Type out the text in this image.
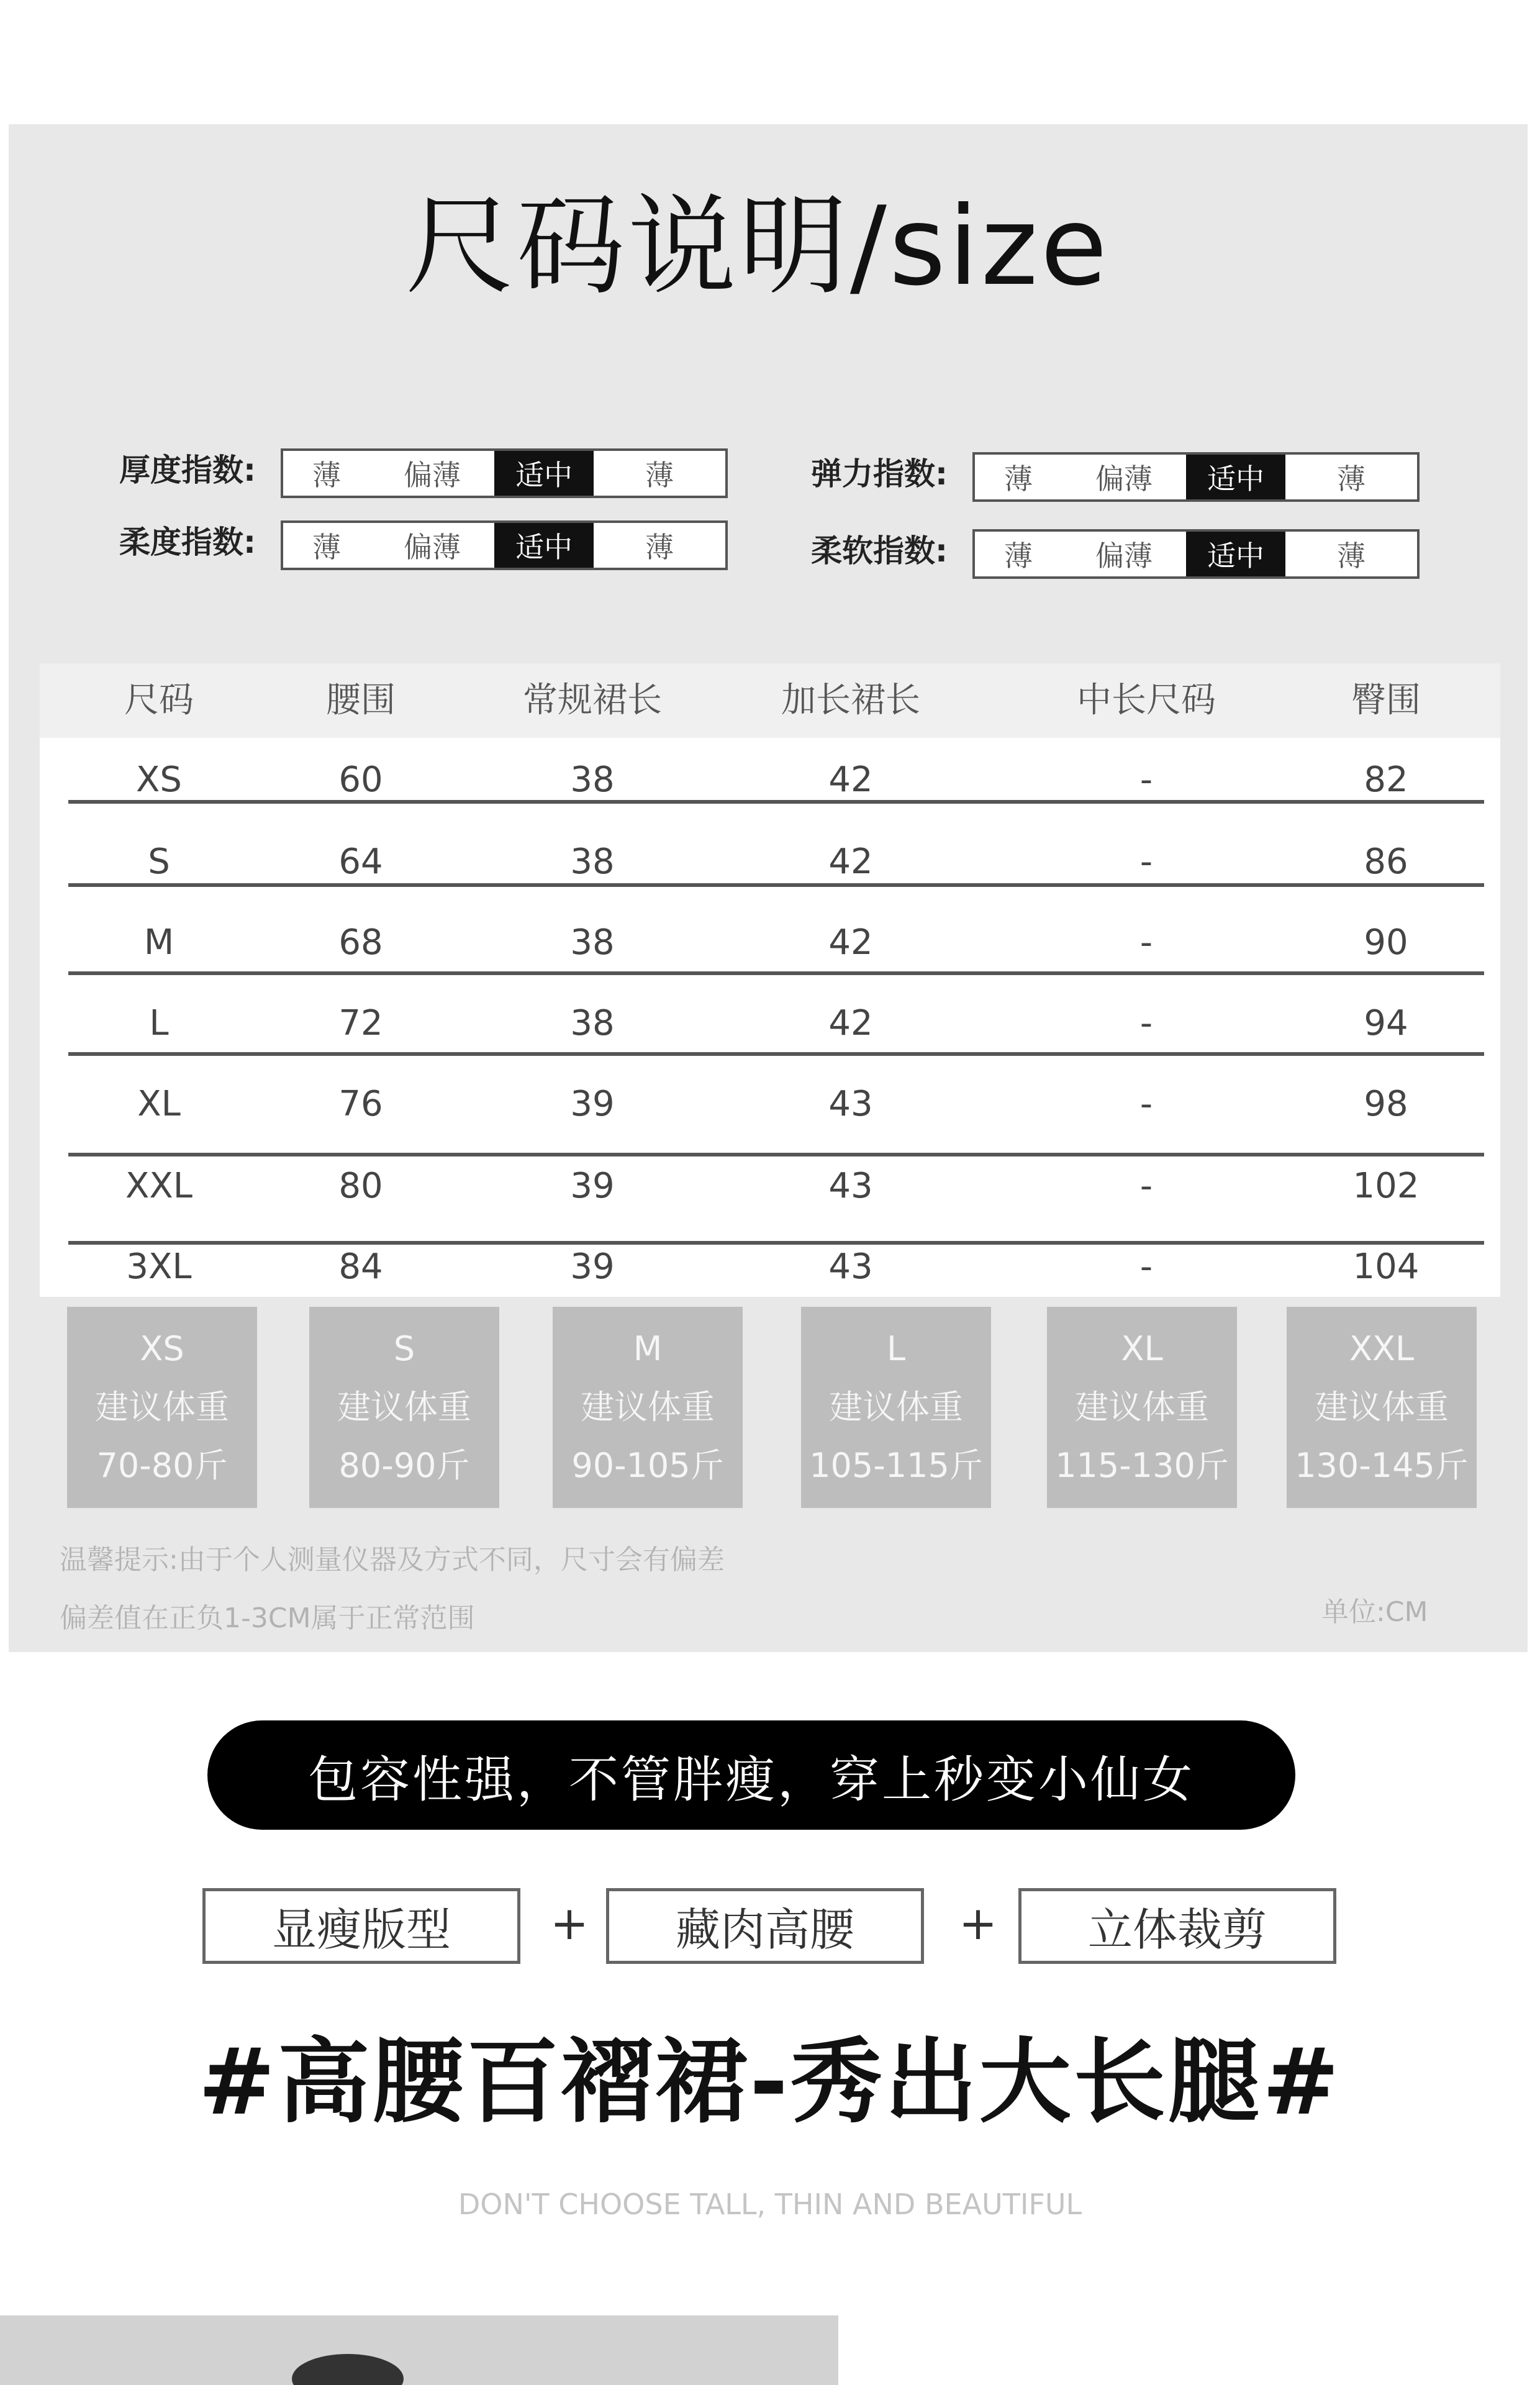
尺码说明/size
厚度指数:	薄	偏薄	适中	薄
柔度指数:	薄	偏薄	适中	薄
弹力指数:	薄	偏薄	适中	薄
柔软指数:	薄	偏薄	适中	薄
尺码	腰围	常规裙长	加长裙长	中长尺码	臀围
XS	60	38	42	-	82
S	64	38	42	-	86
M	68	38	42	-	90
L	72	38	42	-	94
XL	76	39	43	-	98
XXL	80	39	43	-	102
3XL	84	39	43	-	104
XS
建议体重
70-80斤
S
建议体重
80-90斤
M
建议体重
90-105斤
L
建议体重
105-115斤
XL
建议体重
115-130斤
XXL
建议体重
130-145斤
温馨提示:由于个人测量仪器及方式不同，尺寸会有偏差
偏差值在正负1-3CM属于正常范围	单位:CM
包容性强，不管胖瘦，穿上秒变小仙女
显瘦版型	+	藏肉高腰	+	立体裁剪
#高腰百褶裙-秀出大长腿#
DON'T CHOOSE TALL, THIN AND BEAUTIFUL
